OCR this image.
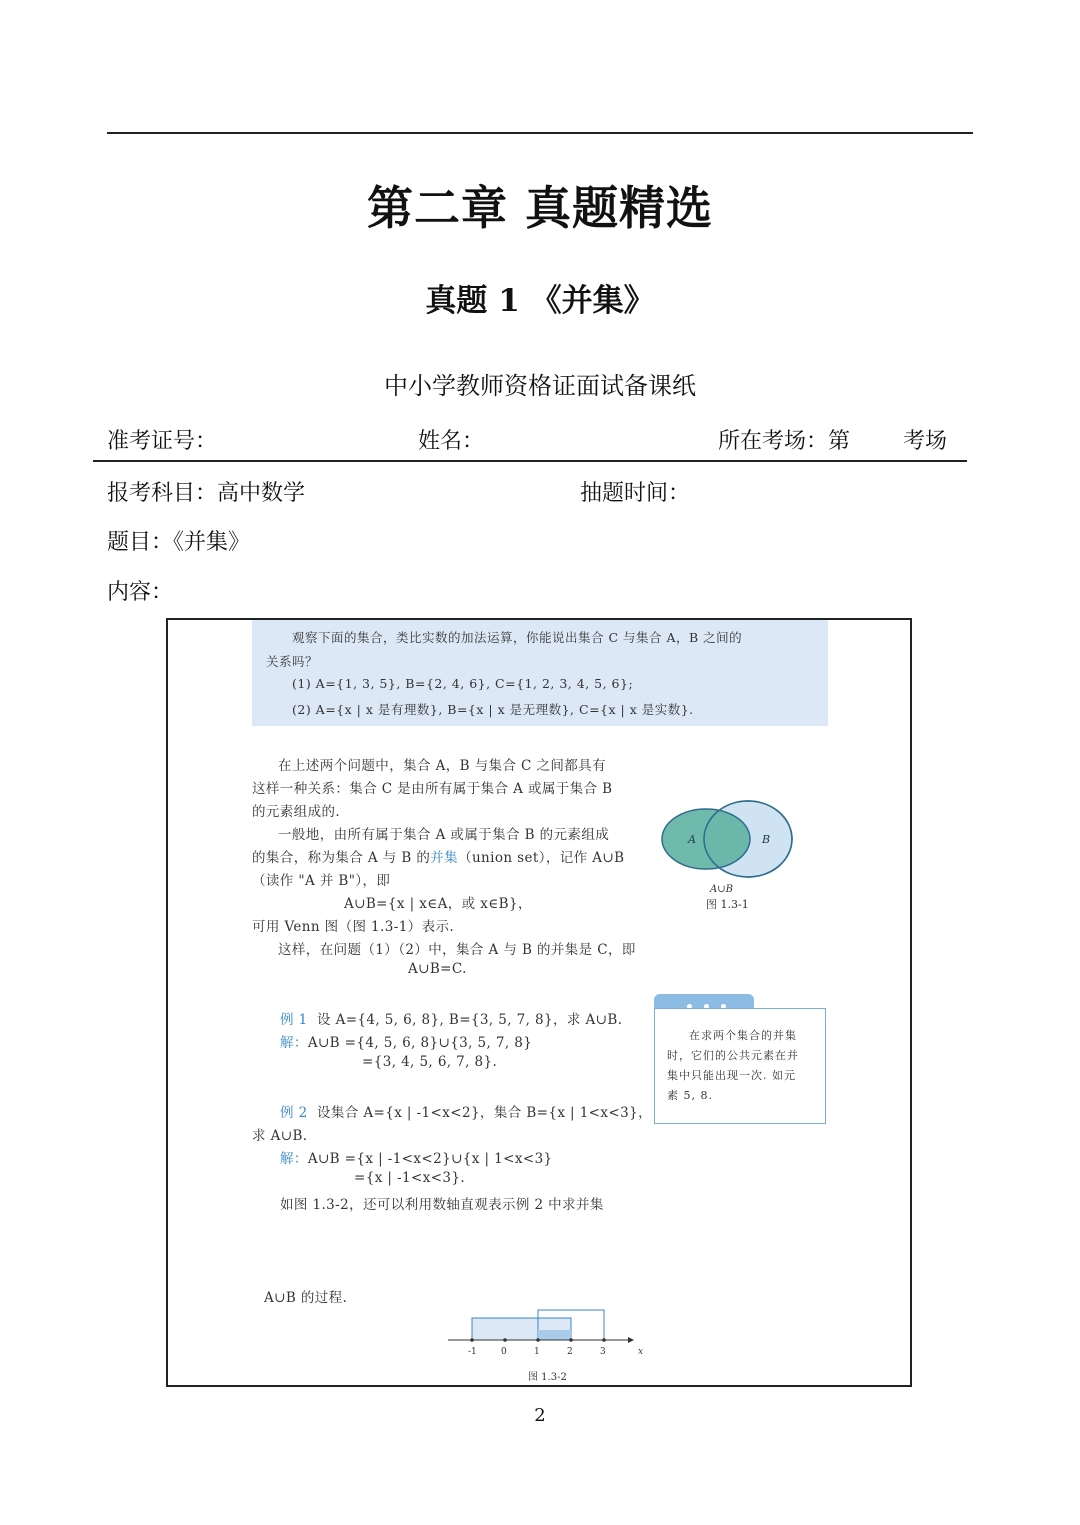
第二章 真题精选
真题 1 《并集》
中小学教师资格证面试备课纸
准考证号：	姓名：	所在考场：第 考场
报考科目：高中数学	抽题时间：
题目：《并集》
内容：
观察下面的集合，类比实数的加法运算，你能说出集合 C 与集合 A，B 之间的
关系吗？
(1) A={1, 3, 5}, B={2, 4, 6}, C={1, 2, 3, 4, 5, 6};
(2) A={x | x 是有理数}, B={x | x 是无理数}, C={x | x 是实数}.
在上述两个问题中，集合 A，B 与集合 C 之间都具有
这样一种关系：集合 C 是由所有属于集合 A 或属于集合 B
的元素组成的.
一般地，由所有属于集合 A 或属于集合 B 的元素组成
的集合，称为集合 A 与 B 的并集（union set），记作 A∪B
（读作 "A 并 B"），即
A∪B={x | x∈A，或 x∈B}，
可用 Venn 图（图 1.3-1）表示.
这样，在问题（1）（2）中，集合 A 与 B 的并集是 C，即
A∪B=C.
例 1 设 A={4, 5, 6, 8}, B={3, 5, 7, 8}，求 A∪B.
解：A∪B ={4, 5, 6, 8}∪{3, 5, 7, 8}
={3, 4, 5, 6, 7, 8}.
例 2 设集合 A={x | -1<x<2}，集合 B={x | 1<x<3}，
求 A∪B.
解：A∪B ={x | -1<x<2}∪{x | 1<x<3}
={x | -1<x<3}.
如图 1.3-2，还可以利用数轴直观表示例 2 中求并集
A∪B 的过程.
A	B
A∪B
图 1.3-1
在求两个集合的并集
时，它们的公共元素在并
集中只能出现一次. 如元
素 5, 8.
-1	0	1	2	3	x
图 1.3-2
2
